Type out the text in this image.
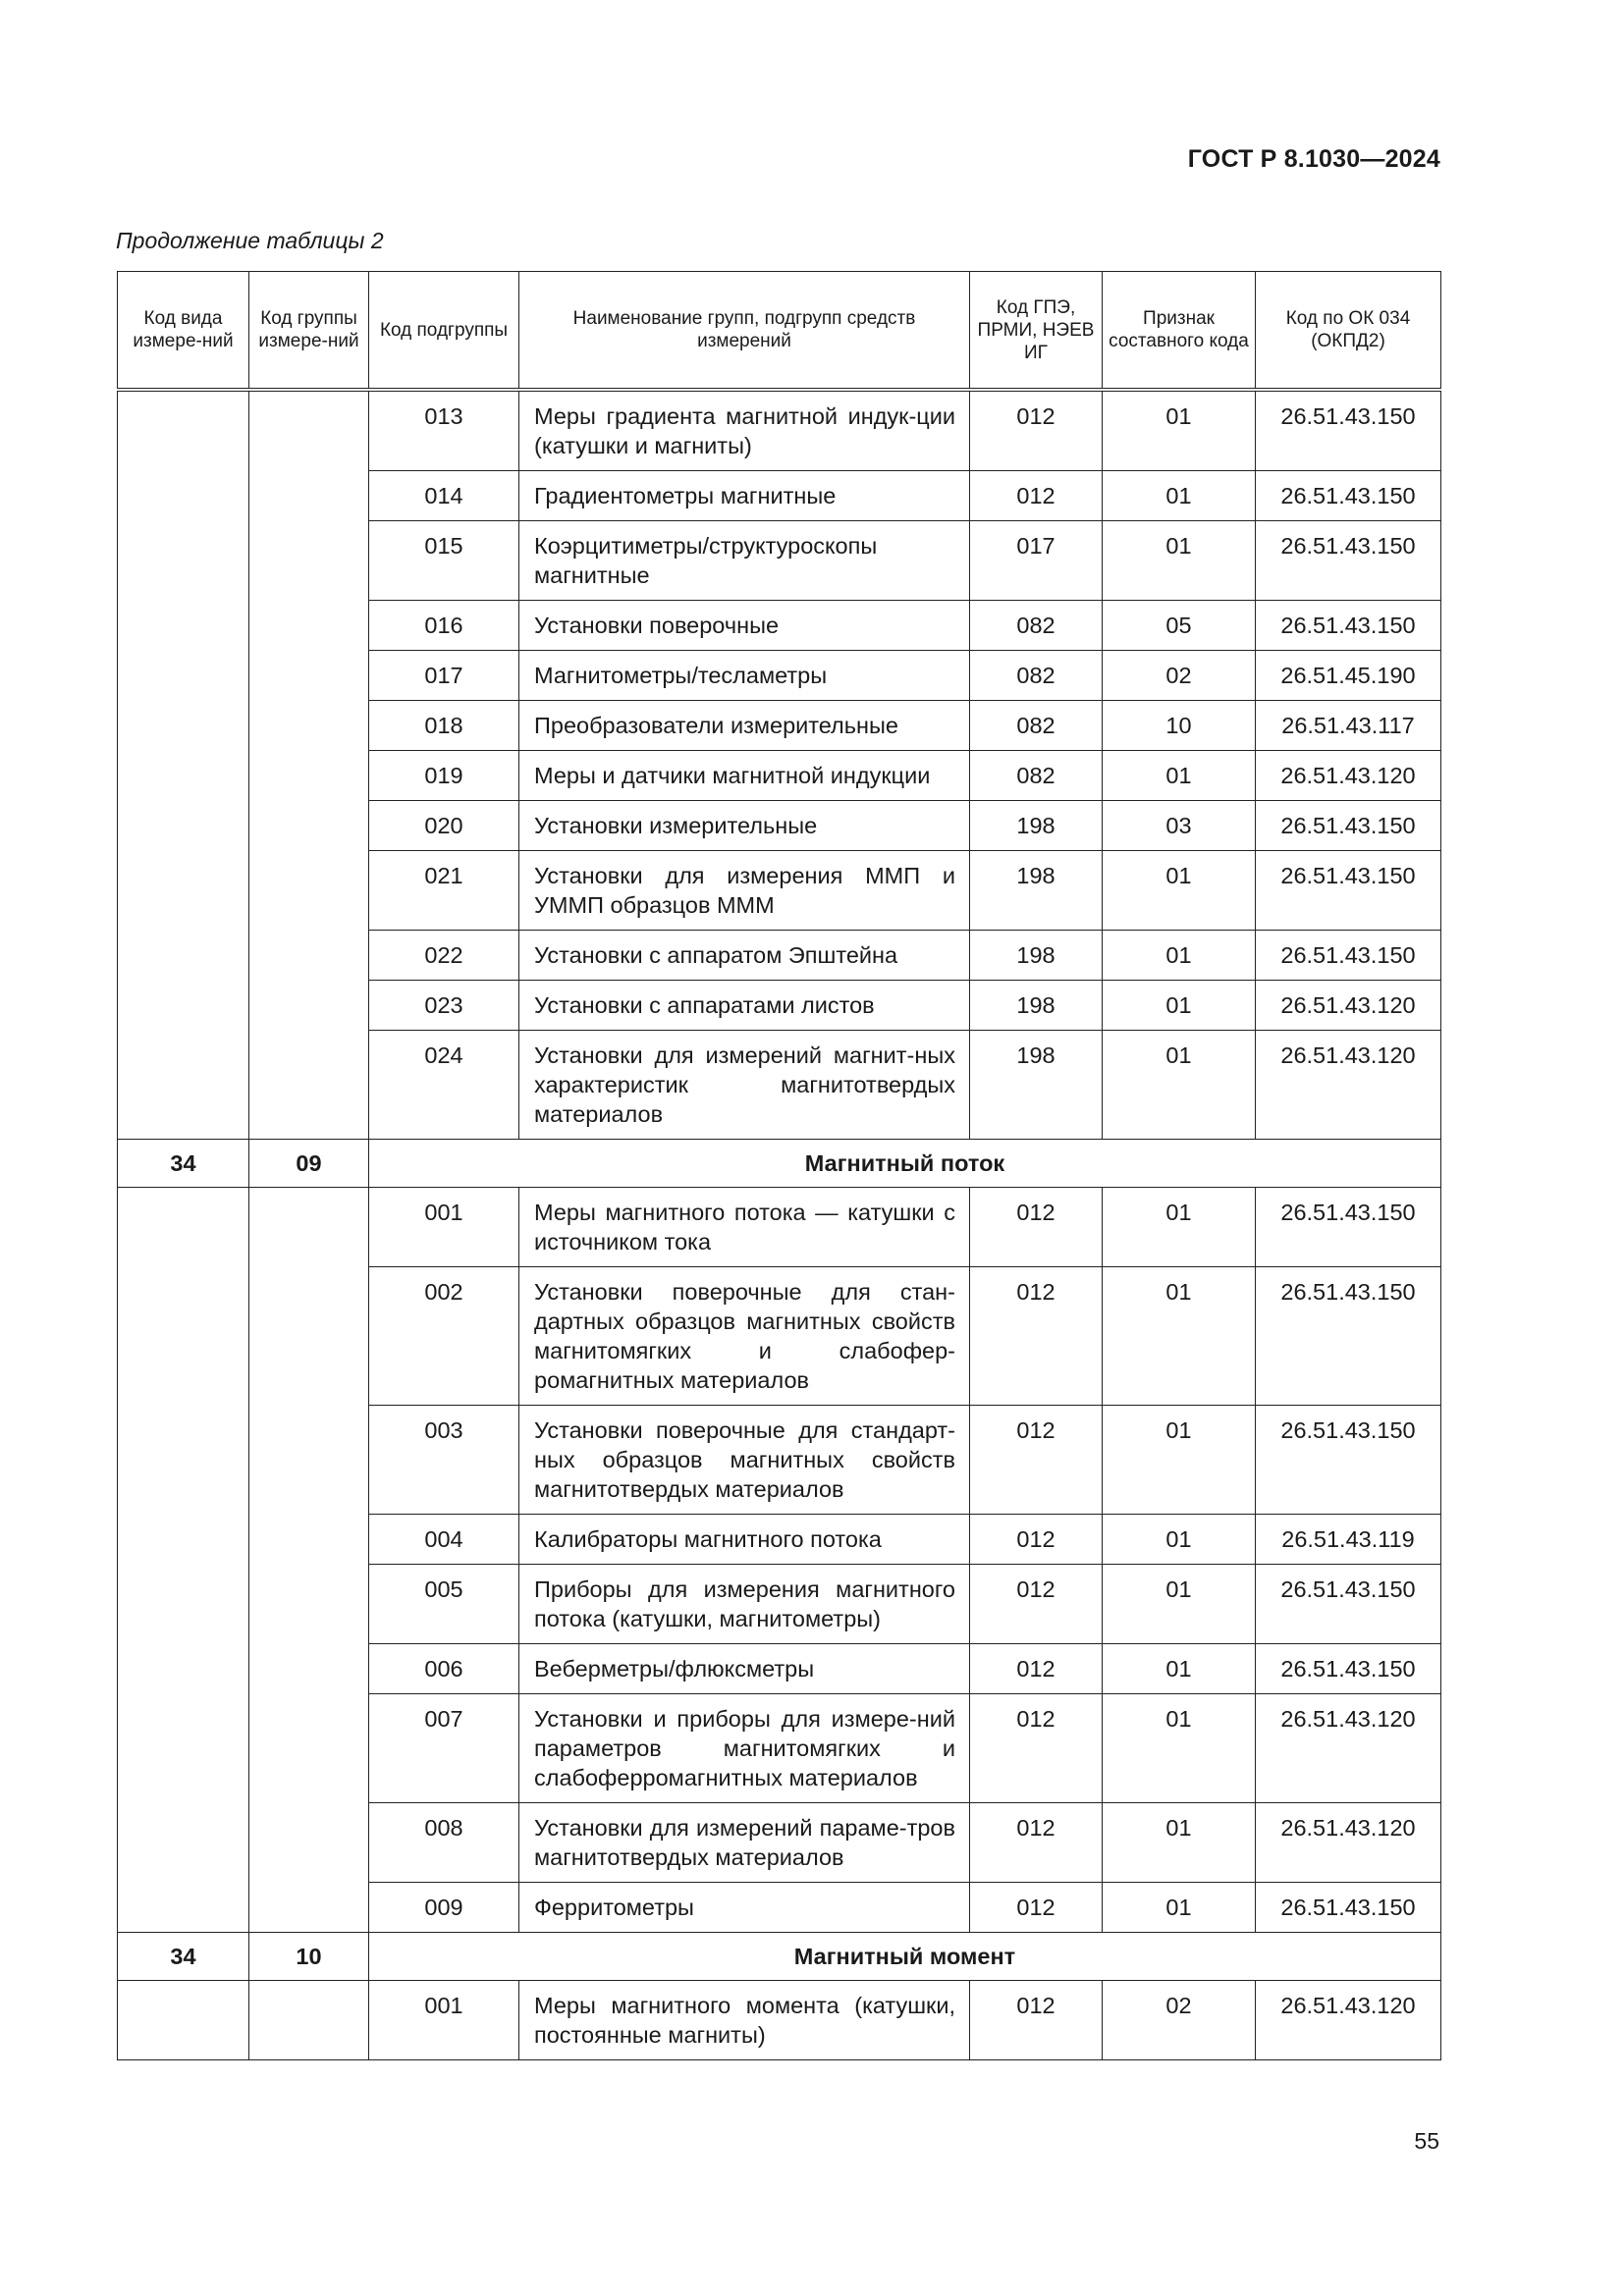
ГОСТ Р 8.1030—2024
Продолжение таблицы 2
Код вида измере-ний	Код группы измере-ний	Код подгруппы	Наименование групп, подгрупп средств измерений	Код ГПЭ, ПРМИ, НЭЕВ ИГ	Признак составного кода	Код по ОК 034 (ОКПД2)
		013	Меры градиента магнитной индук-ции (катушки и магниты)	012	01	26.51.43.150
		014	Градиентометры магнитные	012	01	26.51.43.150
		015	Коэрцитиметры/структуроскопы магнитные	017	01	26.51.43.150
		016	Установки поверочные	082	05	26.51.43.150
		017	Магнитометры/тесламетры	082	02	26.51.45.190
		018	Преобразователи измерительные	082	10	26.51.43.117
		019	Меры и датчики магнитной индукции	082	01	26.51.43.120
		020	Установки измерительные	198	03	26.51.43.150
		021	Установки для измерения ММП и УММП образцов МММ	198	01	26.51.43.150
		022	Установки с аппаратом Эпштейна	198	01	26.51.43.150
		023	Установки с аппаратами листов	198	01	26.51.43.120
		024	Установки для измерений магнит-ных характеристик магнитотвердых материалов	198	01	26.51.43.120
34	09	Магнитный поток				
		001	Меры магнитного потока — катушки с источником тока	012	01	26.51.43.150
		002	Установки поверочные для стан-дартных образцов магнитных свойств магнитомягких и слабофер-ромагнитных материалов	012	01	26.51.43.150
		003	Установки поверочные для стандарт-ных образцов магнитных свойств магнитотвердых материалов	012	01	26.51.43.150
		004	Калибраторы магнитного потока	012	01	26.51.43.119
		005	Приборы для измерения магнитного потока (катушки, магнитометры)	012	01	26.51.43.150
		006	Веберметры/флюксметры	012	01	26.51.43.150
		007	Установки и приборы для измере-ний параметров магнитомягких и слабоферромагнитных материалов	012	01	26.51.43.120
		008	Установки для измерений параме-тров магнитотвердых материалов	012	01	26.51.43.120
		009	Ферритометры	012	01	26.51.43.150
34	10	Магнитный момент				
		001	Меры магнитного момента (катушки, постоянные магниты)	012	02	26.51.43.120
55
